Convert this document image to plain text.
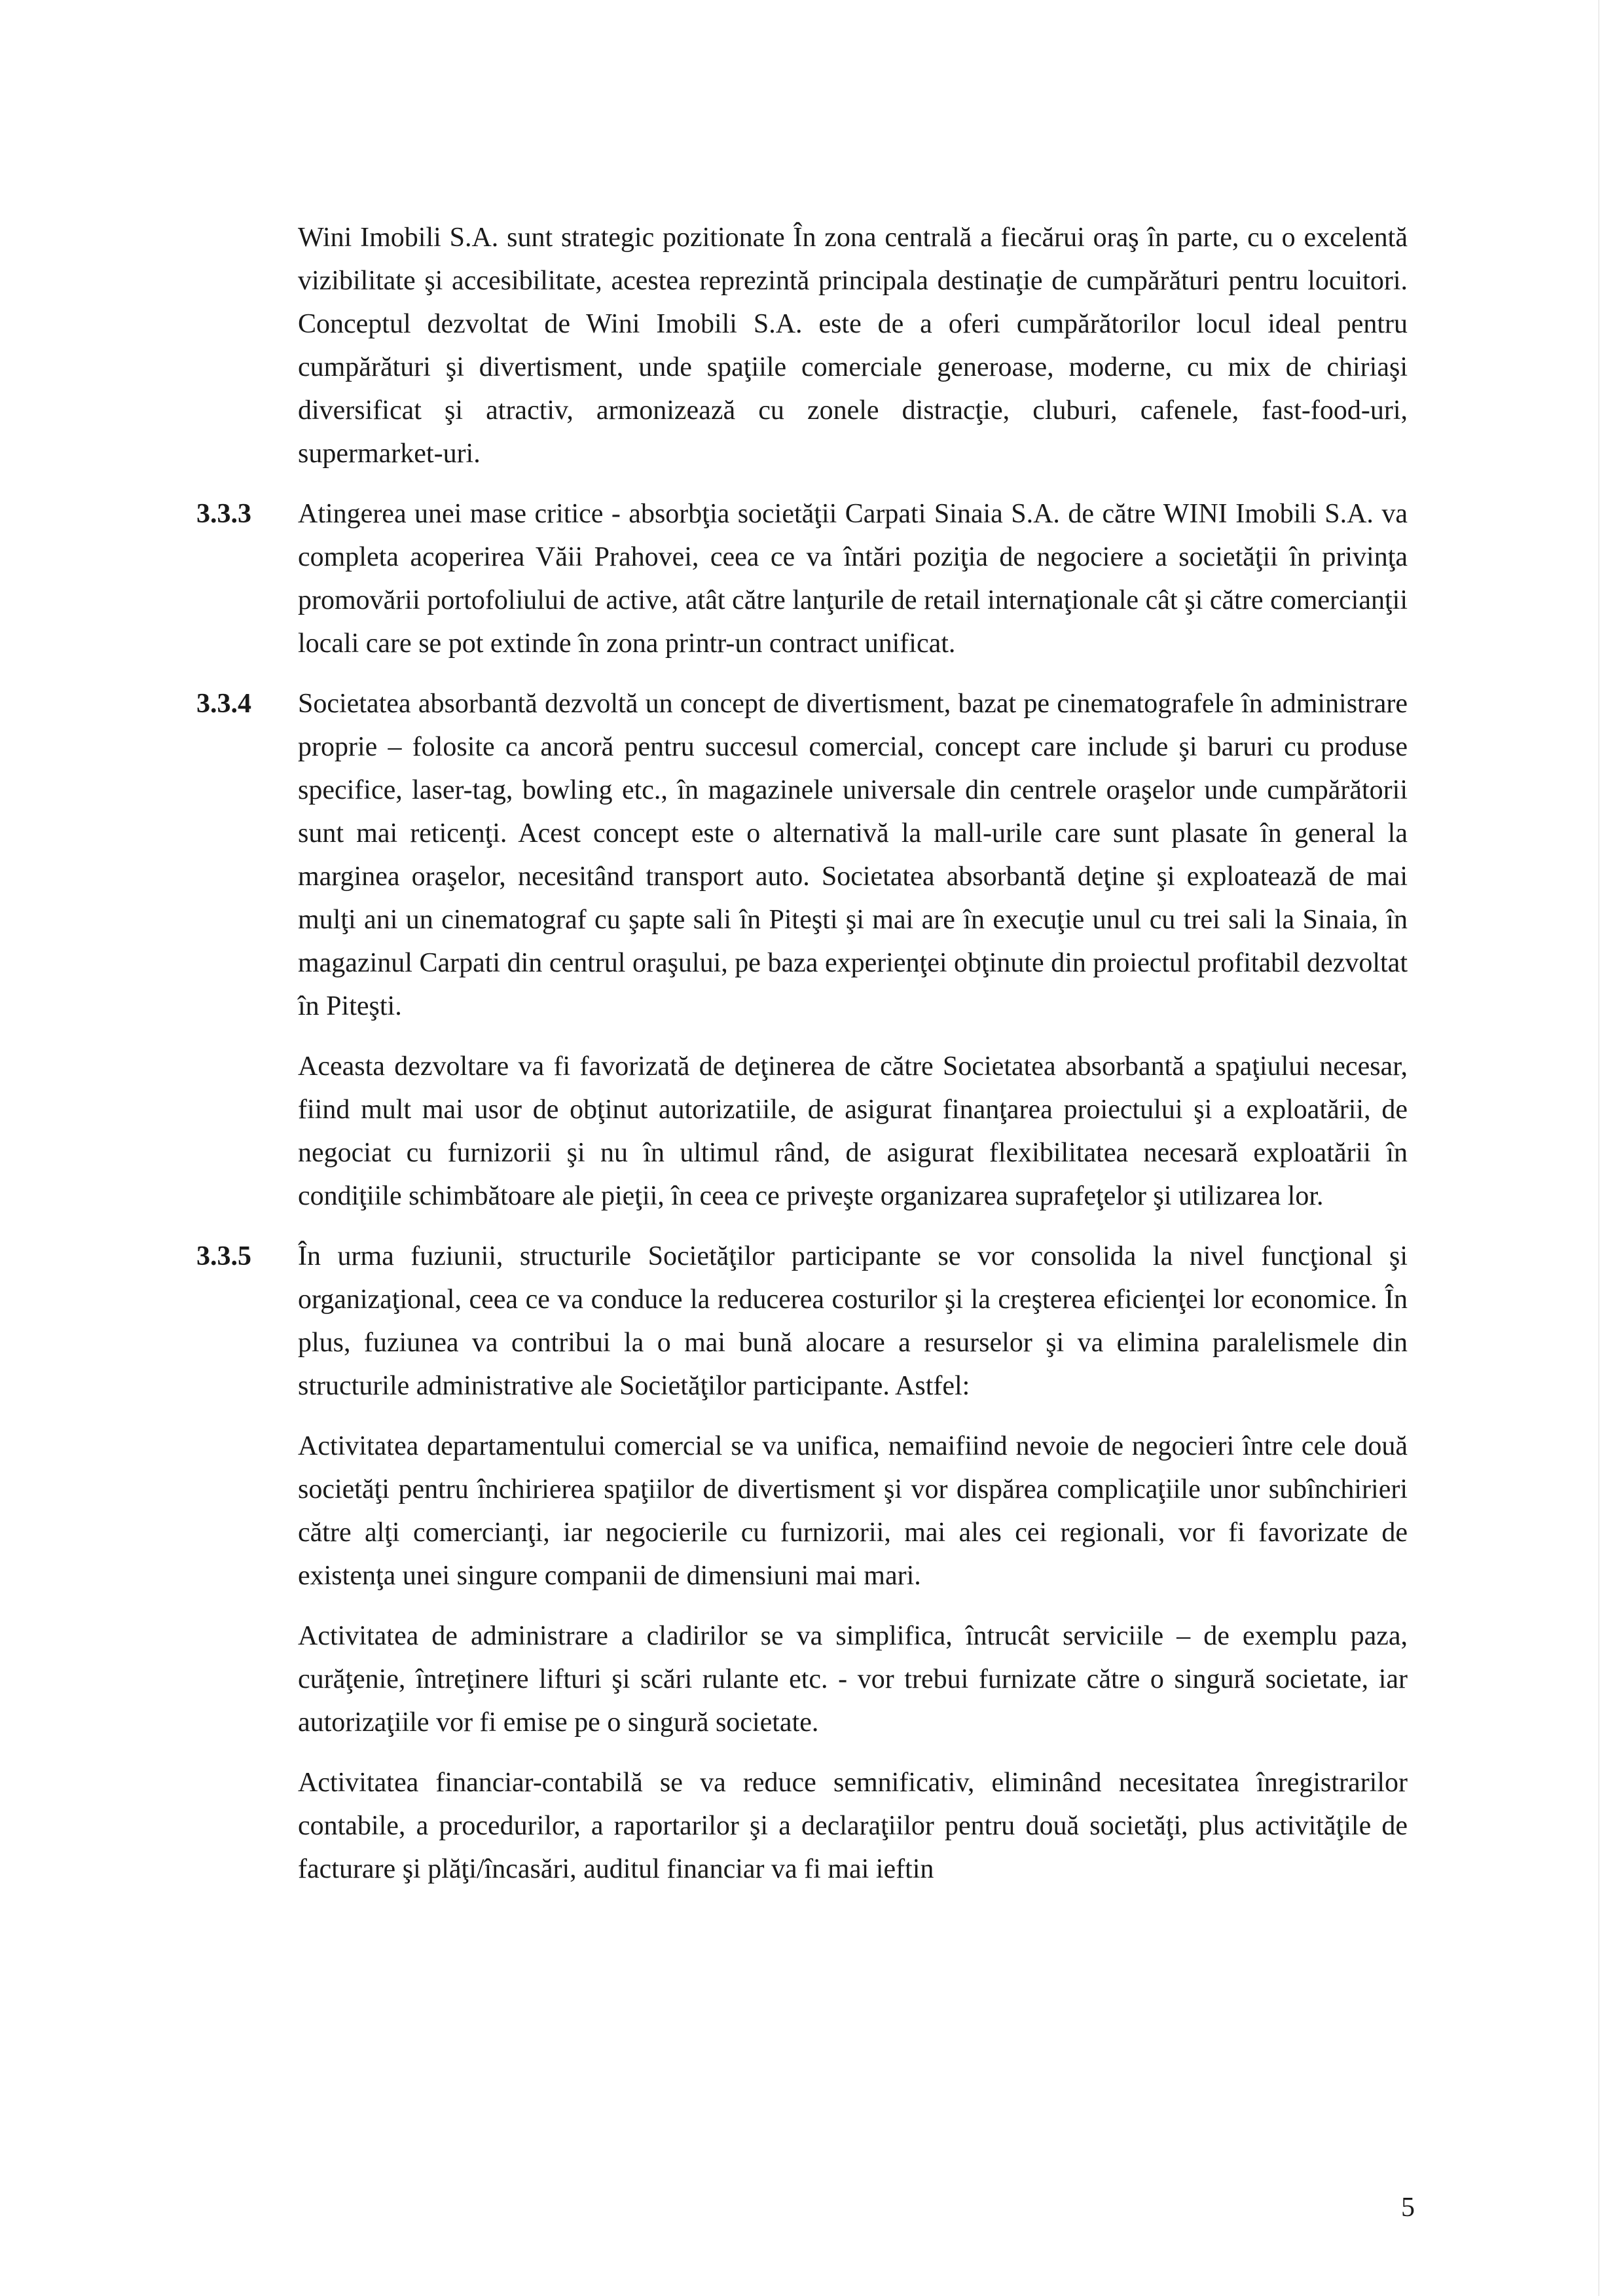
Wini Imobili S.A. sunt strategic pozitionate În zona centrală a fiecărui oraş în parte, cu o excelentă vizibilitate şi accesibilitate, acestea reprezintă principala destinaţie de cumpărături pentru locuitori. Conceptul dezvoltat de Wini Imobili S.A. este de a oferi cumpărătorilor locul ideal pentru cumpărături şi divertisment, unde spaţiile comerciale generoase, moderne, cu mix de chiriaşi diversificat şi atractiv, armonizează cu zonele distracţie, cluburi, cafenele, fast-food-uri, supermarket-uri.

3.3.3 Atingerea unei mase critice - absorbţia societăţii Carpati Sinaia S.A. de către WINI Imobili S.A. va completa acoperirea Văii Prahovei, ceea ce va întări poziţia de negociere a societăţii în privinţa promovării portofoliului de active, atât către lanţurile de retail internaţionale cât şi către comercianţii locali care se pot extinde în zona printr-un contract unificat.
3.3.4 Societatea absorbantă dezvoltă un concept de divertisment, bazat pe cinematografele în administrare proprie – folosite ca ancoră pentru succesul comercial, concept care include şi baruri cu produse specifice, laser-tag, bowling etc., în magazinele universale din centrele oraşelor unde cumpărătorii sunt mai reticenţi. Acest concept este o alternativă la mall-urile care sunt plasate în general la marginea oraşelor, necesitând transport auto. Societatea absorbantă deţine şi exploatează de mai mulţi ani un cinematograf cu şapte sali în Piteşti şi mai are în execuţie unul cu trei sali la Sinaia, în magazinul Carpati din centrul oraşului, pe baza experienţei obţinute din proiectul profitabil dezvoltat în Piteşti.
Aceasta dezvoltare va fi favorizată de deţinerea de către Societatea absorbantă a spaţiului necesar, fiind mult mai usor de obţinut autorizatiile, de asigurat finanţarea proiectului şi a exploatării, de negociat cu furnizorii şi nu în ultimul rând, de asigurat flexibilitatea necesară exploatării în condiţiile schimbătoare ale pieţii, în ceea ce priveşte organizarea suprafeţelor şi utilizarea lor.
3.3.5 În urma fuziunii, structurile Societăţilor participante se vor consolida la nivel funcţional şi organizaţional, ceea ce va conduce la reducerea costurilor şi la creşterea eficienţei lor economice. În plus, fuziunea va contribui la o mai bună alocare a resurselor şi va elimina paralelismele din structurile administrative ale Societăţilor participante. Astfel:
Activitatea departamentului comercial se va unifica, nemaifiind nevoie de negocieri între cele două societăţi pentru închirierea spaţiilor de divertisment şi vor dispărea complicaţiile unor subînchirieri către alţi comercianţi, iar negocierile cu furnizorii, mai ales cei regionali, vor fi favorizate de existenţa unei singure companii de dimensiuni mai mari.
Activitatea de administrare a cladirilor se va simplifica, întrucât serviciile – de exemplu paza, curăţenie, întreţinere lifturi şi scări rulante etc. - vor trebui furnizate către o singură societate, iar autorizaţiile vor fi emise pe o singură societate.
Activitatea financiar-contabilă se va reduce semnificativ, eliminând necesitatea înregistrarilor contabile, a procedurilor, a raportarilor şi a declaraţiilor pentru două societăţi, plus activităţile de facturare şi plăţi/încasări, auditul financiar va fi mai ieftin
5
